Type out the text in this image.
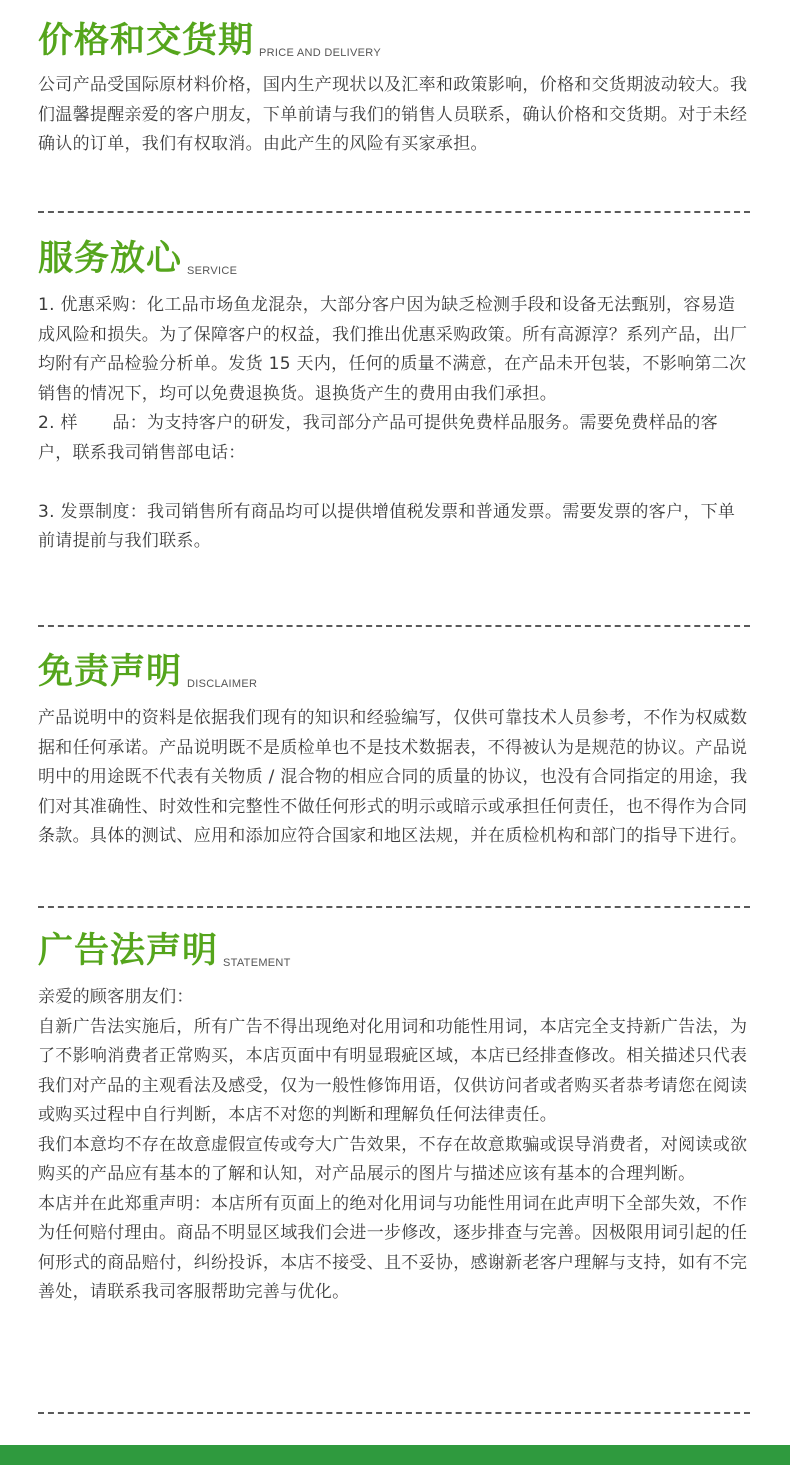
价格和交货期 PRICE AND DELIVERY

公司产品受国际原材料价格，国内生产现状以及汇率和政策影响，价格和交货期波动较大。我们温馨提醒亲爱的客户朋友，下单前请与我们的销售人员联系，确认价格和交货期。对于未经确认的订单，我们有权取消。由此产生的风险有买家承担。

服务放心 SERVICE

1. 优惠采购：化工品市场鱼龙混杂，大部分客户因为缺乏检测手段和设备无法甄别，容易造成风险和损失。为了保障客户的权益，我们推出优惠采购政策。所有高源淳？系列产品，出厂均附有产品检验分析单。发货 15 天内，任何的质量不满意，在产品未开包装，不影响第二次销售的情况下，均可以免费退换货。退换货产生的费用由我们承担。

2. 样　　品：为支持客户的研发，我司部分产品可提供免费样品服务。需要免费样品的客户，联系我司销售部电话：

3. 发票制度：我司销售所有商品均可以提供增值税发票和普通发票。需要发票的客户，下单前请提前与我们联系。

免责声明 DISCLAIMER

产品说明中的资料是依据我们现有的知识和经验编写，仅供可靠技术人员参考，不作为权威数据和任何承诺。产品说明既不是质检单也不是技术数据表，不得被认为是规范的协议。产品说明中的用途既不代表有关物质 / 混合物的相应合同的质量的协议，也没有合同指定的用途，我们对其准确性、时效性和完整性不做任何形式的明示或暗示或承担任何责任，也不得作为合同条款。具体的测试、应用和添加应符合国家和地区法规，并在质检机构和部门的指导下进行。

广告法声明 STATEMENT

亲爱的顾客朋友们：

自新广告法实施后，所有广告不得出现绝对化用词和功能性用词，本店完全支持新广告法，为了不影响消费者正常购买，本店页面中有明显瑕疵区域，本店已经排查修改。相关描述只代表我们对产品的主观看法及感受，仅为一般性修饰用语，仅供访问者或者购买者恭考请您在阅读或购买过程中自行判断，本店不对您的判断和理解负任何法律责任。

我们本意均不存在故意虚假宣传或夸大广告效果，不存在故意欺骗或误导消费者，对阅读或欲购买的产品应有基本的了解和认知，对产品展示的图片与描述应该有基本的合理判断。

本店并在此郑重声明：本店所有页面上的绝对化用词与功能性用词在此声明下全部失效，不作为任何赔付理由。商品不明显区域我们会进一步修改，逐步排查与完善。因极限用词引起的任何形式的商品赔付，纠纷投诉，本店不接受、且不妥协，感谢新老客户理解与支持，如有不完善处，请联系我司客服帮助完善与优化。
